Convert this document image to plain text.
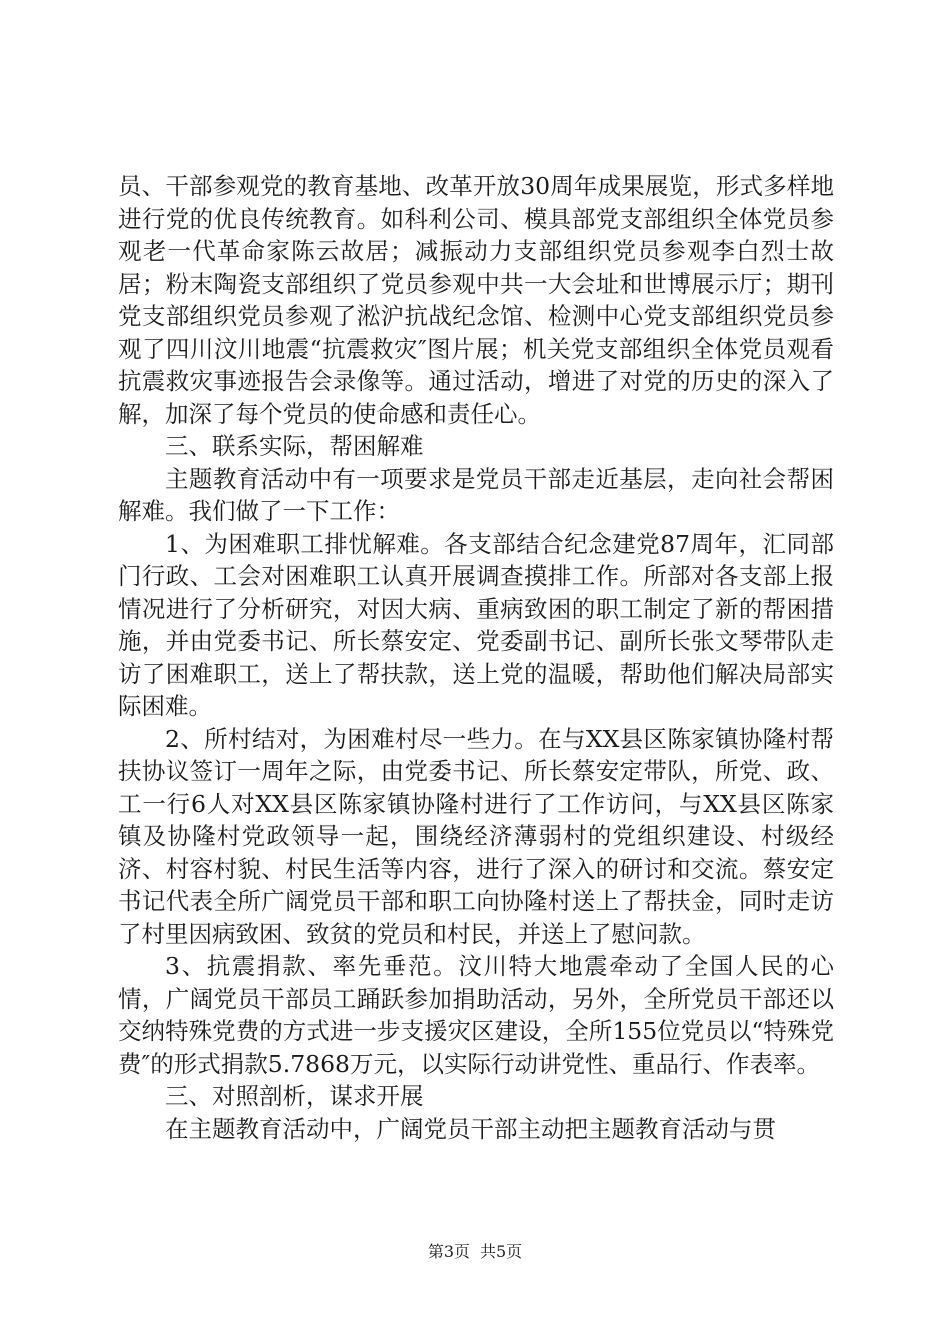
员、干部参观党的教育基地、改革开放30周年成果展览，形式多样地进行党的优良传统教育。如科利公司、模具部党支部组织全体党员参观老一代革命家陈云故居；减振动力支部组织党员参观李白烈士故居；粉末陶瓷支部组织了党员参观中共一大会址和世博展示厅；期刊党支部组织党员参观了淞沪抗战纪念馆、检测中心党支部组织党员参观了四川汶川地震“抗震救灾″图片展；机关党支部组织全体党员观看抗震救灾事迹报告会录像等。通过活动，增进了对党的历史的深入了解，加深了每个党员的使命感和责任心。

三、联系实际，帮困解难

主题教育活动中有一项要求是党员干部走近基层，走向社会帮困解难。我们做了一下工作：

1、为困难职工排忧解难。各支部结合纪念建党87周年，汇同部门行政、工会对困难职工认真开展调查摸排工作。所部对各支部上报情况进行了分析研究，对因大病、重病致困的职工制定了新的帮困措施，并由党委书记、所长蔡安定、党委副书记、副所长张文琴带队走访了困难职工，送上了帮扶款，送上党的温暖，帮助他们解决局部实际困难。

2、所村结对，为困难村尽一些力。在与XX县区陈家镇协隆村帮扶协议签订一周年之际，由党委书记、所长蔡安定带队，所党、政、工一行6人对XX县区陈家镇协隆村进行了工作访问，与XX县区陈家镇及协隆村党政领导一起，围绕经济薄弱村的党组织建设、村级经济、村容村貌、村民生活等内容，进行了深入的研讨和交流。蔡安定书记代表全所广阔党员干部和职工向协隆村送上了帮扶金，同时走访了村里因病致困、致贫的党员和村民，并送上了慰问款。

3、抗震捐款、率先垂范。汶川特大地震牵动了全国人民的心情，广阔党员干部员工踊跃参加捐助活动，另外，全所党员干部还以交纳特殊党费的方式进一步支援灾区建设，全所155位党员以“特殊党费″的形式捐款5.7868万元，以实际行动讲党性、重品行、作表率。

三、对照剖析，谋求开展

在主题教育活动中，广阔党员干部主动把主题教育活动与贯

第3页 共5页
